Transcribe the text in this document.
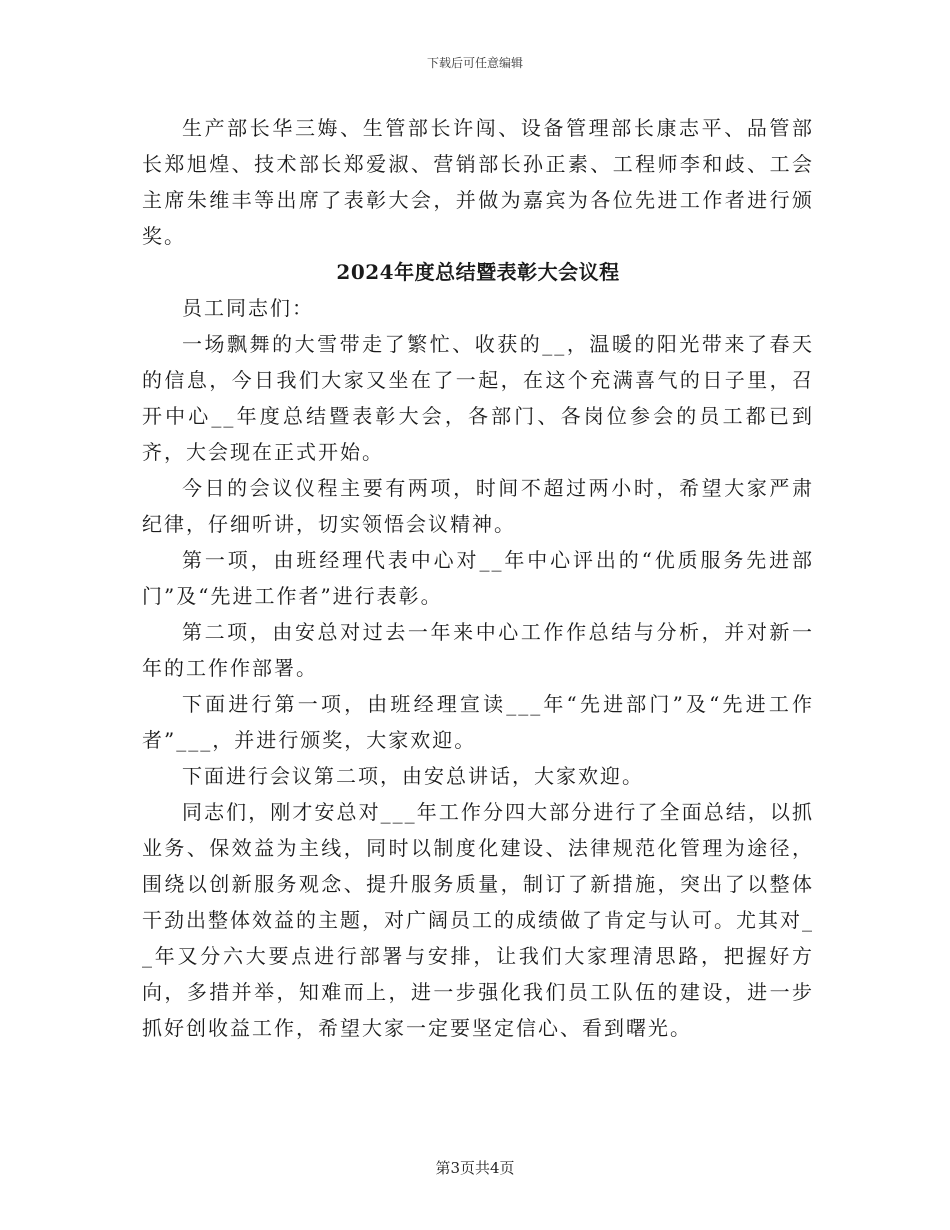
下载后可任意编辑

生产部长华三娒、生管部长许闯、设备管理部长康志平、品管部长郑旭煌、技术部长郑爱淑、营销部长孙正素、工程师李和歧、工会主席朱维丰等出席了表彰大会，并做为嘉宾为各位先进工作者进行颁奖。

2024年度总结暨表彰大会议程

员工同志们：

一场飘舞的大雪带走了繁忙、收获的__，温暖的阳光带来了春天的信息，今日我们大家又坐在了一起，在这个充满喜气的日子里，召开中心__年度总结暨表彰大会，各部门、各岗位参会的员工都已到齐，大会现在正式开始。

今日的会议仪程主要有两项，时间不超过两小时，希望大家严肃纪律，仔细听讲，切实领悟会议精神。

第一项，由班经理代表中心对__年中心评出的“优质服务先进部门”及“先进工作者”进行表彰。

第二项，由安总对过去一年来中心工作作总结与分析，并对新一年的工作作部署。

下面进行第一项，由班经理宣读___年“先进部门”及“先进工作者”___，并进行颁奖，大家欢迎。

下面进行会议第二项，由安总讲话，大家欢迎。

同志们，刚才安总对___年工作分四大部分进行了全面总结，以抓业务、保效益为主线，同时以制度化建设、法律规范化管理为途径，围绕以创新服务观念、提升服务质量，制订了新措施，突出了以整体干劲出整体效益的主题，对广阔员工的成绩做了肯定与认可。尤其对__年又分六大要点进行部署与安排，让我们大家理清思路，把握好方向，多措并举，知难而上，进一步强化我们员工队伍的建设，进一步抓好创收益工作，希望大家一定要坚定信心、看到曙光。

第3页共4页
